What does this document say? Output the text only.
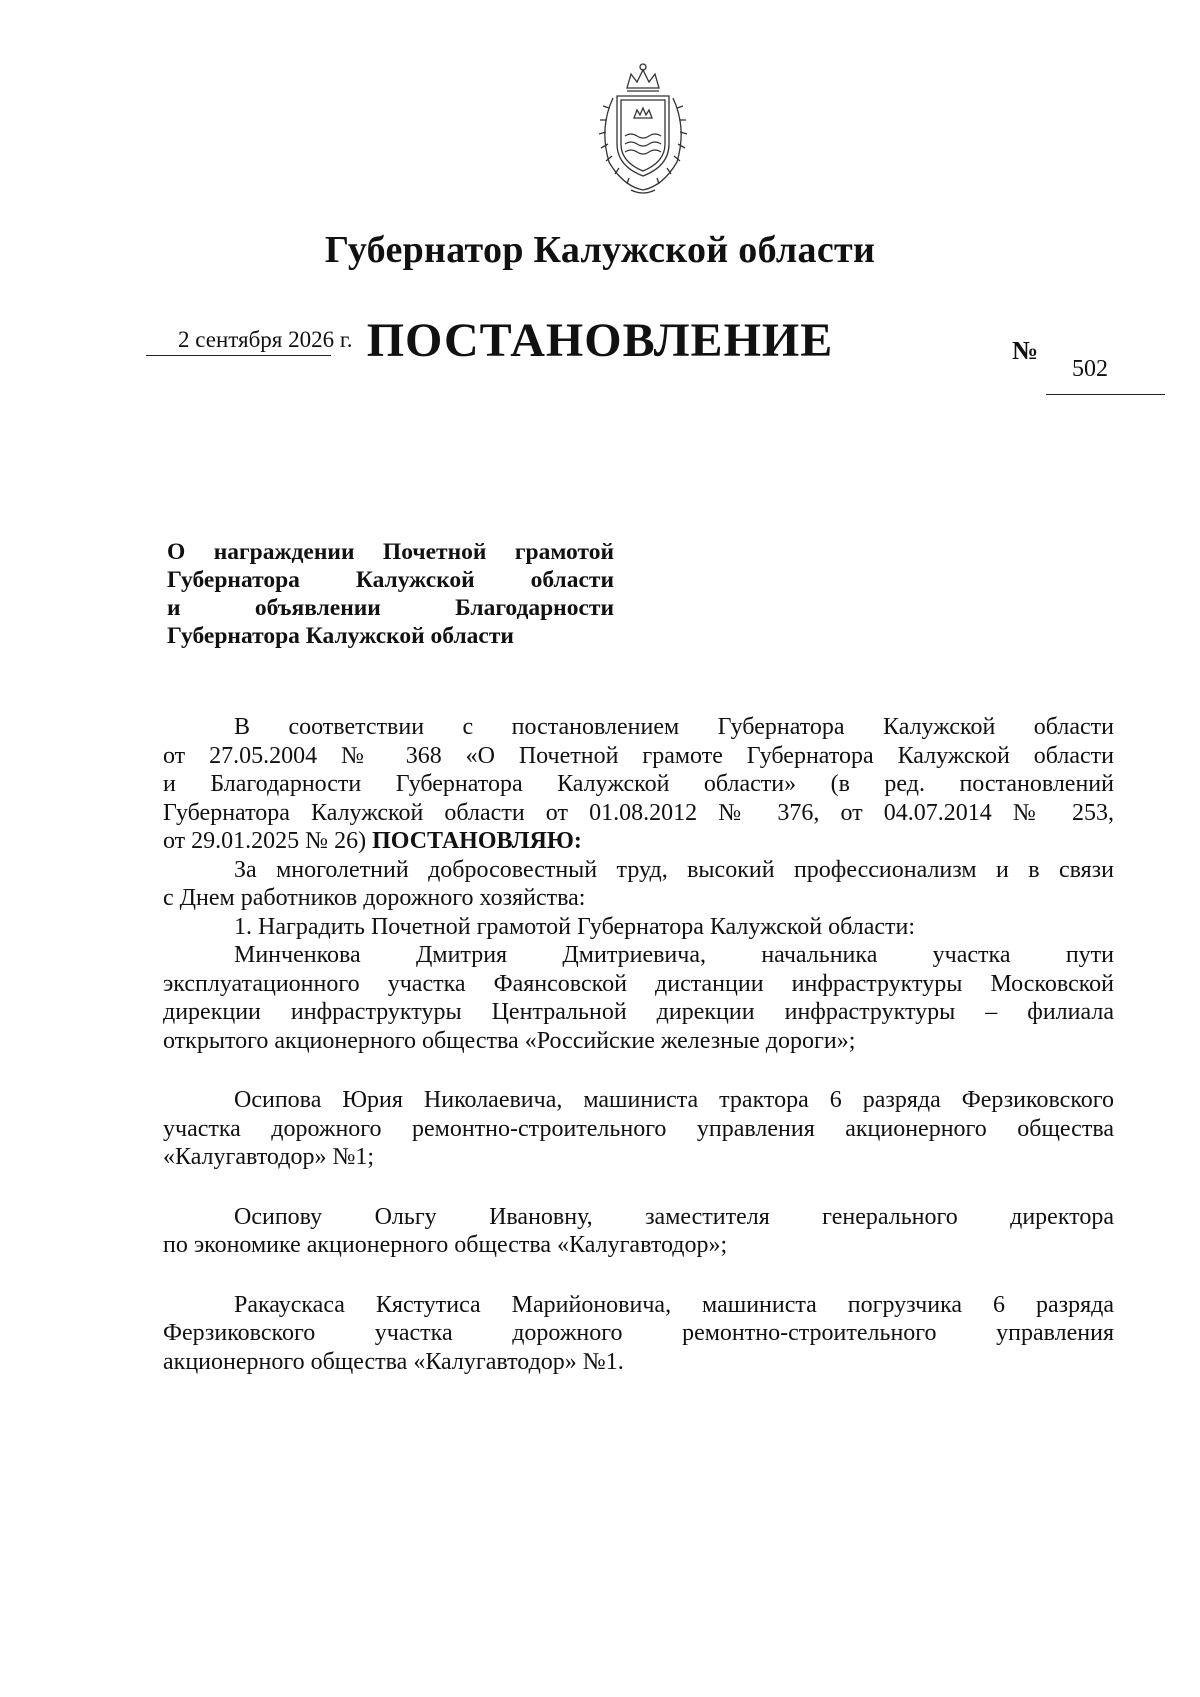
Губернатор Калужской области
ПОСТАНОВЛЕНИЕ
2 сентября 2026 г.	№
502
О награждении Почетной грамотой
Губернатора Калужской области
и объявлении Благодарности
Губернатора Калужской области
В соответствии с постановлением Губернатора Калужской области
от 27.05.2004 № 368 «О Почетной грамоте Губернатора Калужской области
и Благодарности Губернатора Калужской области» (в ред. постановлений
Губернатора Калужской области от 01.08.2012 № 376, от 04.07.2014 № 253,
от 29.01.2025 № 26) ПОСТАНОВЛЯЮ:
За многолетний добросовестный труд, высокий профессионализм и в связи
с Днем работников дорожного хозяйства:
1. Наградить Почетной грамотой Губернатора Калужской области:
Минченкова Дмитрия Дмитриевича, начальника участка пути
эксплуатационного участка Фаянсовской дистанции инфраструктуры Московской
дирекции инфраструктуры Центральной дирекции инфраструктуры – филиала
открытого акционерного общества «Российские железные дороги»;
Осипова Юрия Николаевича, машиниста трактора 6 разряда Ферзиковского
участка дорожного ремонтно-строительного управления акционерного общества
«Калугавтодор» №1;
Осипову Ольгу Ивановну, заместителя генерального директора
по экономике акционерного общества «Калугавтодор»;
Ракаускаса Кястутиса Марийоновича, машиниста погрузчика 6 разряда
Ферзиковского участка дорожного ремонтно-строительного управления
акционерного общества «Калугавтодор» №1.
